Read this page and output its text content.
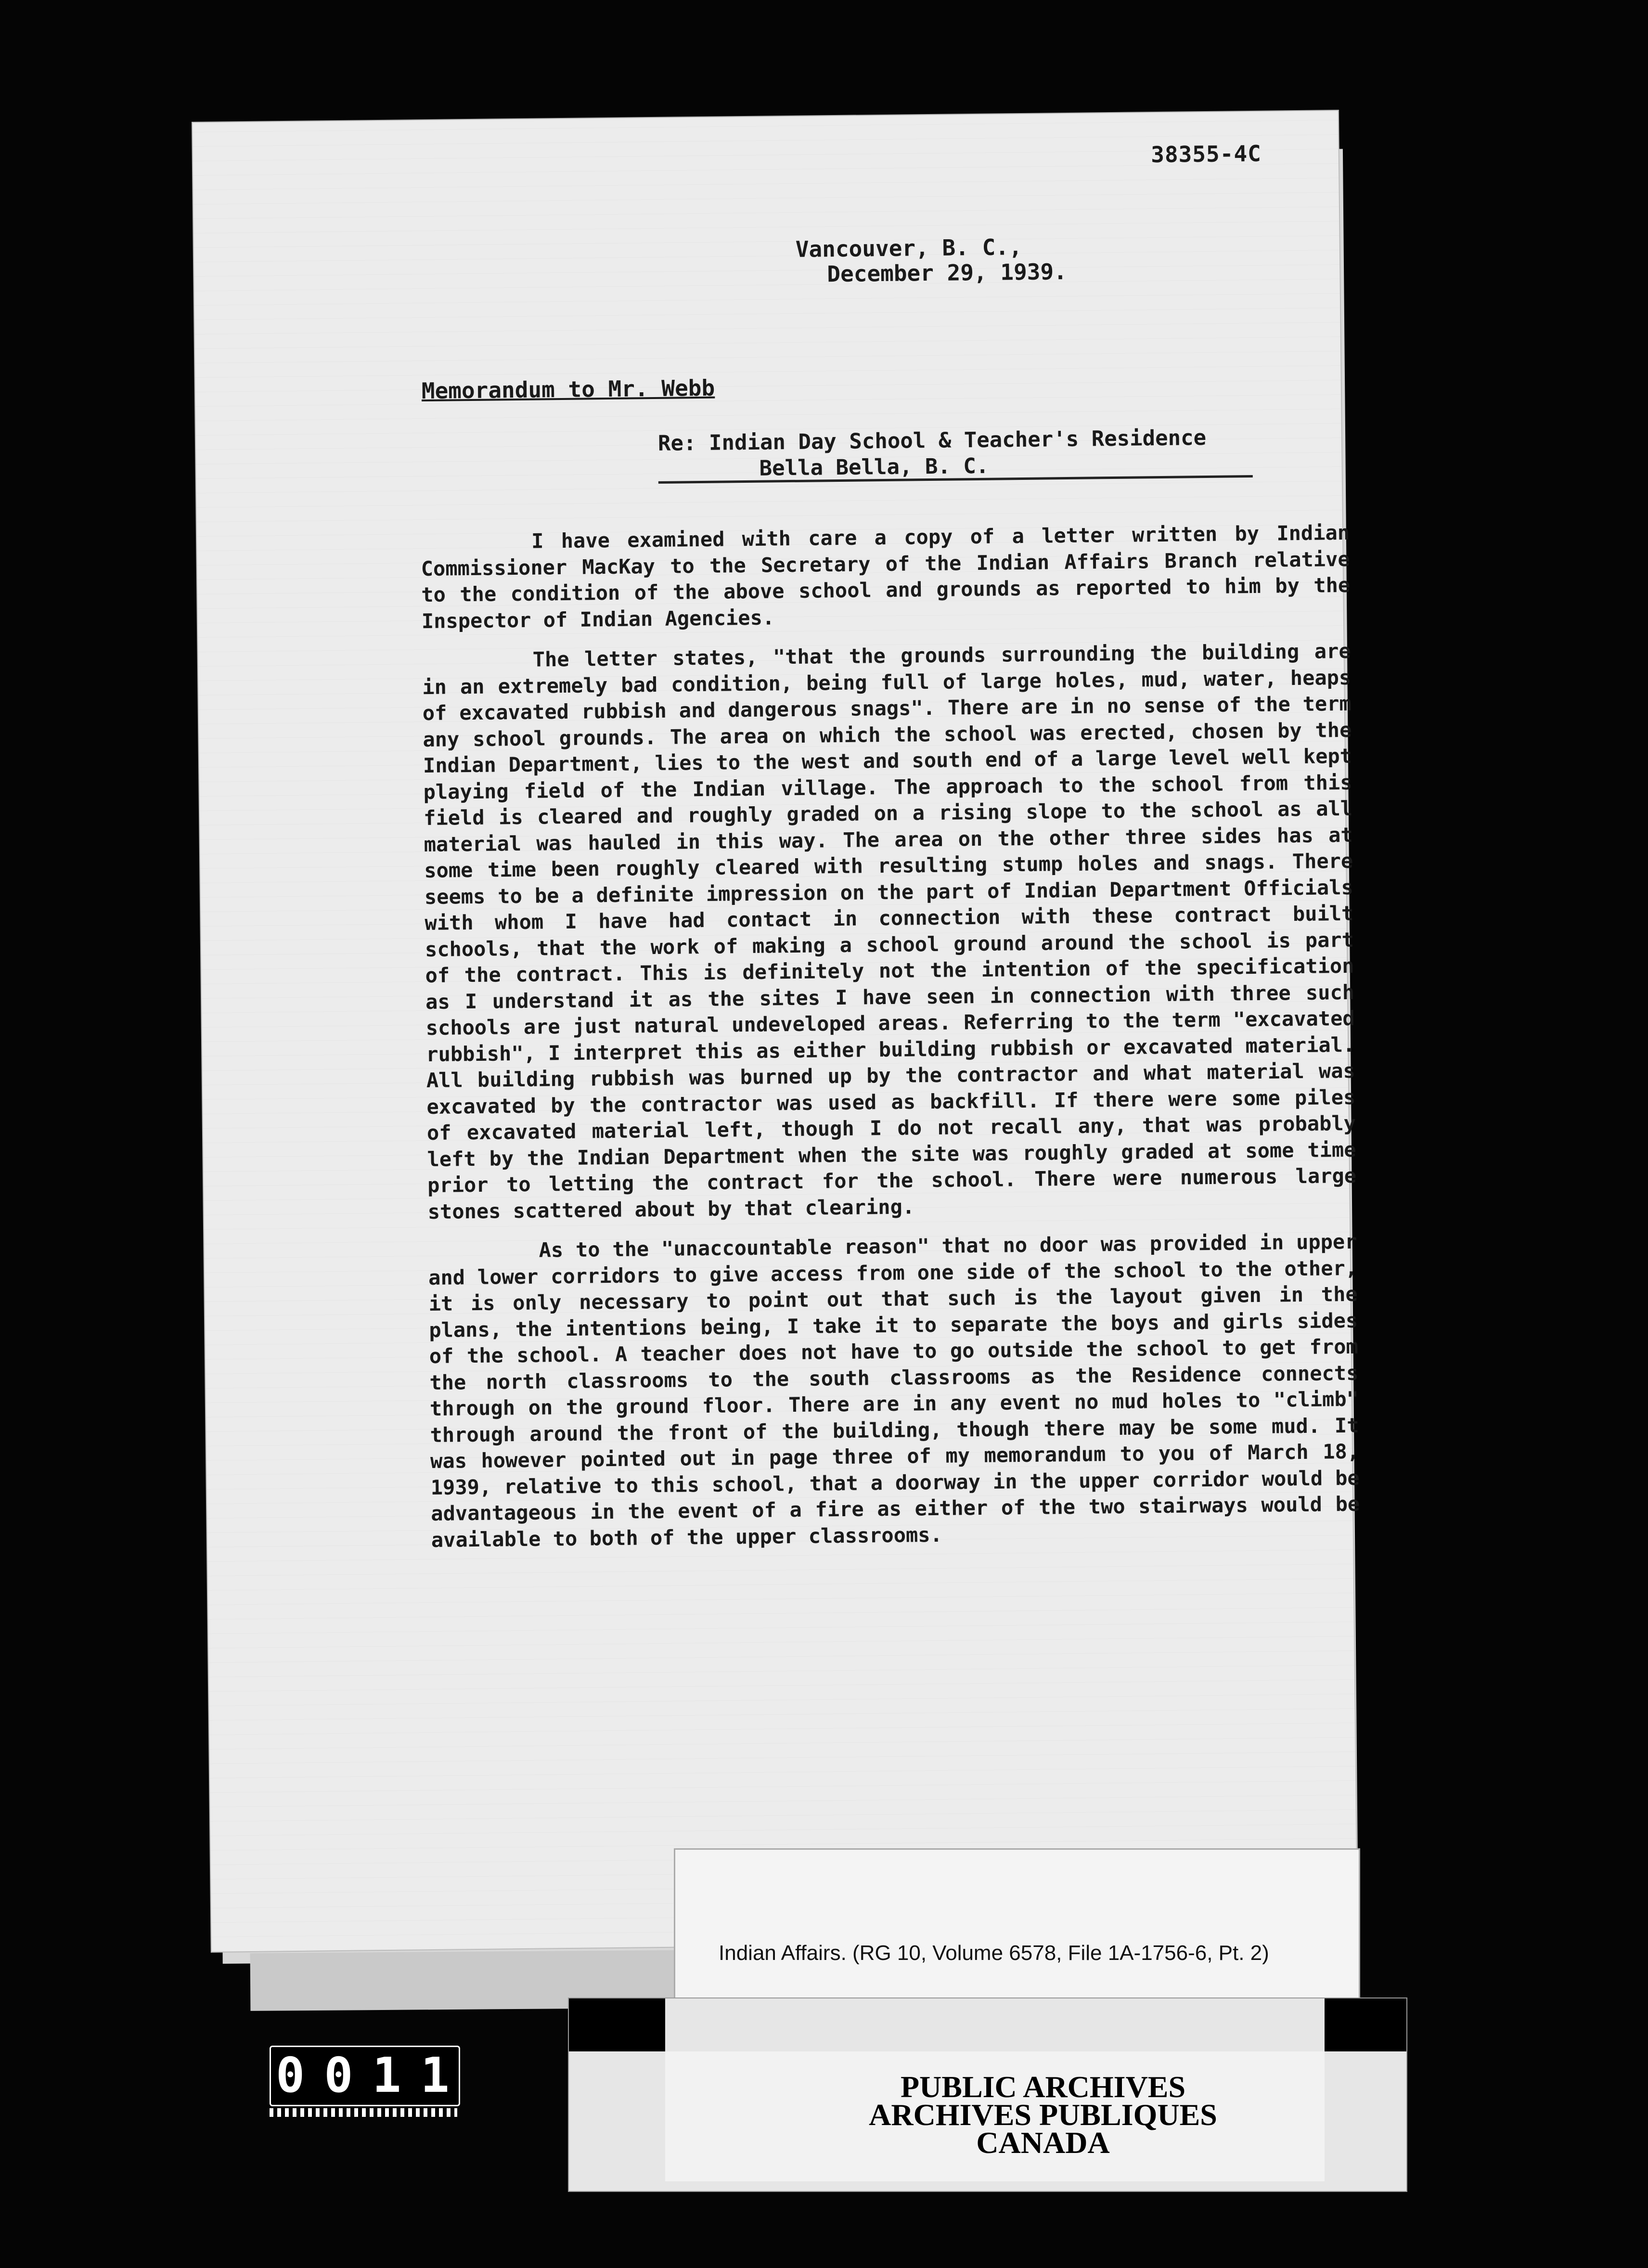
38355-4C
Vancouver, B. C.,
December 29, 1939.
Memorandum to Mr. Webb
Re: Indian Day School & Teacher's Residence
Bella Bella, B. C.

I have examined with care a copy of a letter written by Indian Commissioner MacKay to the Secretary of the Indian Affairs Branch relative to the condition of the above school and grounds as reported to him by the Inspector of Indian Agencies.

The letter states, "that the grounds surrounding the building are in an extremely bad condition, being full of large holes, mud, water, heaps of excavated rubbish and dangerous snags". There are in no sense of the term any school grounds. The area on which the school was erected, chosen by the Indian Department, lies to the west and south end of a large level well kept playing field of the Indian village. The approach to the school from this field is cleared and roughly graded on a rising slope to the school as all material was hauled in this way. The area on the other three sides has at some time been roughly cleared with resulting stump holes and snags. There seems to be a definite impression on the part of Indian Department Officials with whom I have had contact in connection with these contract built schools, that the work of making a school ground around the school is part of the contract. This is definitely not the intention of the specification as I understand it as the sites I have seen in connection with three such schools are just natural undeveloped areas. Referring to the term "excavated rubbish", I interpret this as either building rubbish or excavated material. All building rubbish was burned up by the contractor and what material was excavated by the contractor was used as backfill. If there were some piles of excavated material left, though I do not recall any, that was probably left by the Indian Department when the site was roughly graded at some time prior to letting the contract for the school. There were numerous large stones scattered about by that clearing.

As to the "unaccountable reason" that no door was provided in upper and lower corridors to give access from one side of the school to the other, it is only necessary to point out that such is the layout given in the plans, the intentions being, I take it to separate the boys and girls sides of the school. A teacher does not have to go outside the school to get from the north classrooms to the south classrooms as the Residence connects through on the ground floor. There are in any event no mud holes to "climb" through around the front of the building, though there may be some mud. It was however pointed out in page three of my memorandum to you of March 18, 1939, relative to this school, that a doorway in the upper corridor would be advantageous in the event of a fire as either of the two stairways would be available to both of the upper classrooms.

Indian Affairs. (RG 10, Volume 6578, File 1A-1756-6, Pt. 2)
PUBLIC ARCHIVES
ARCHIVES PUBLIQUES
CANADA
0011
